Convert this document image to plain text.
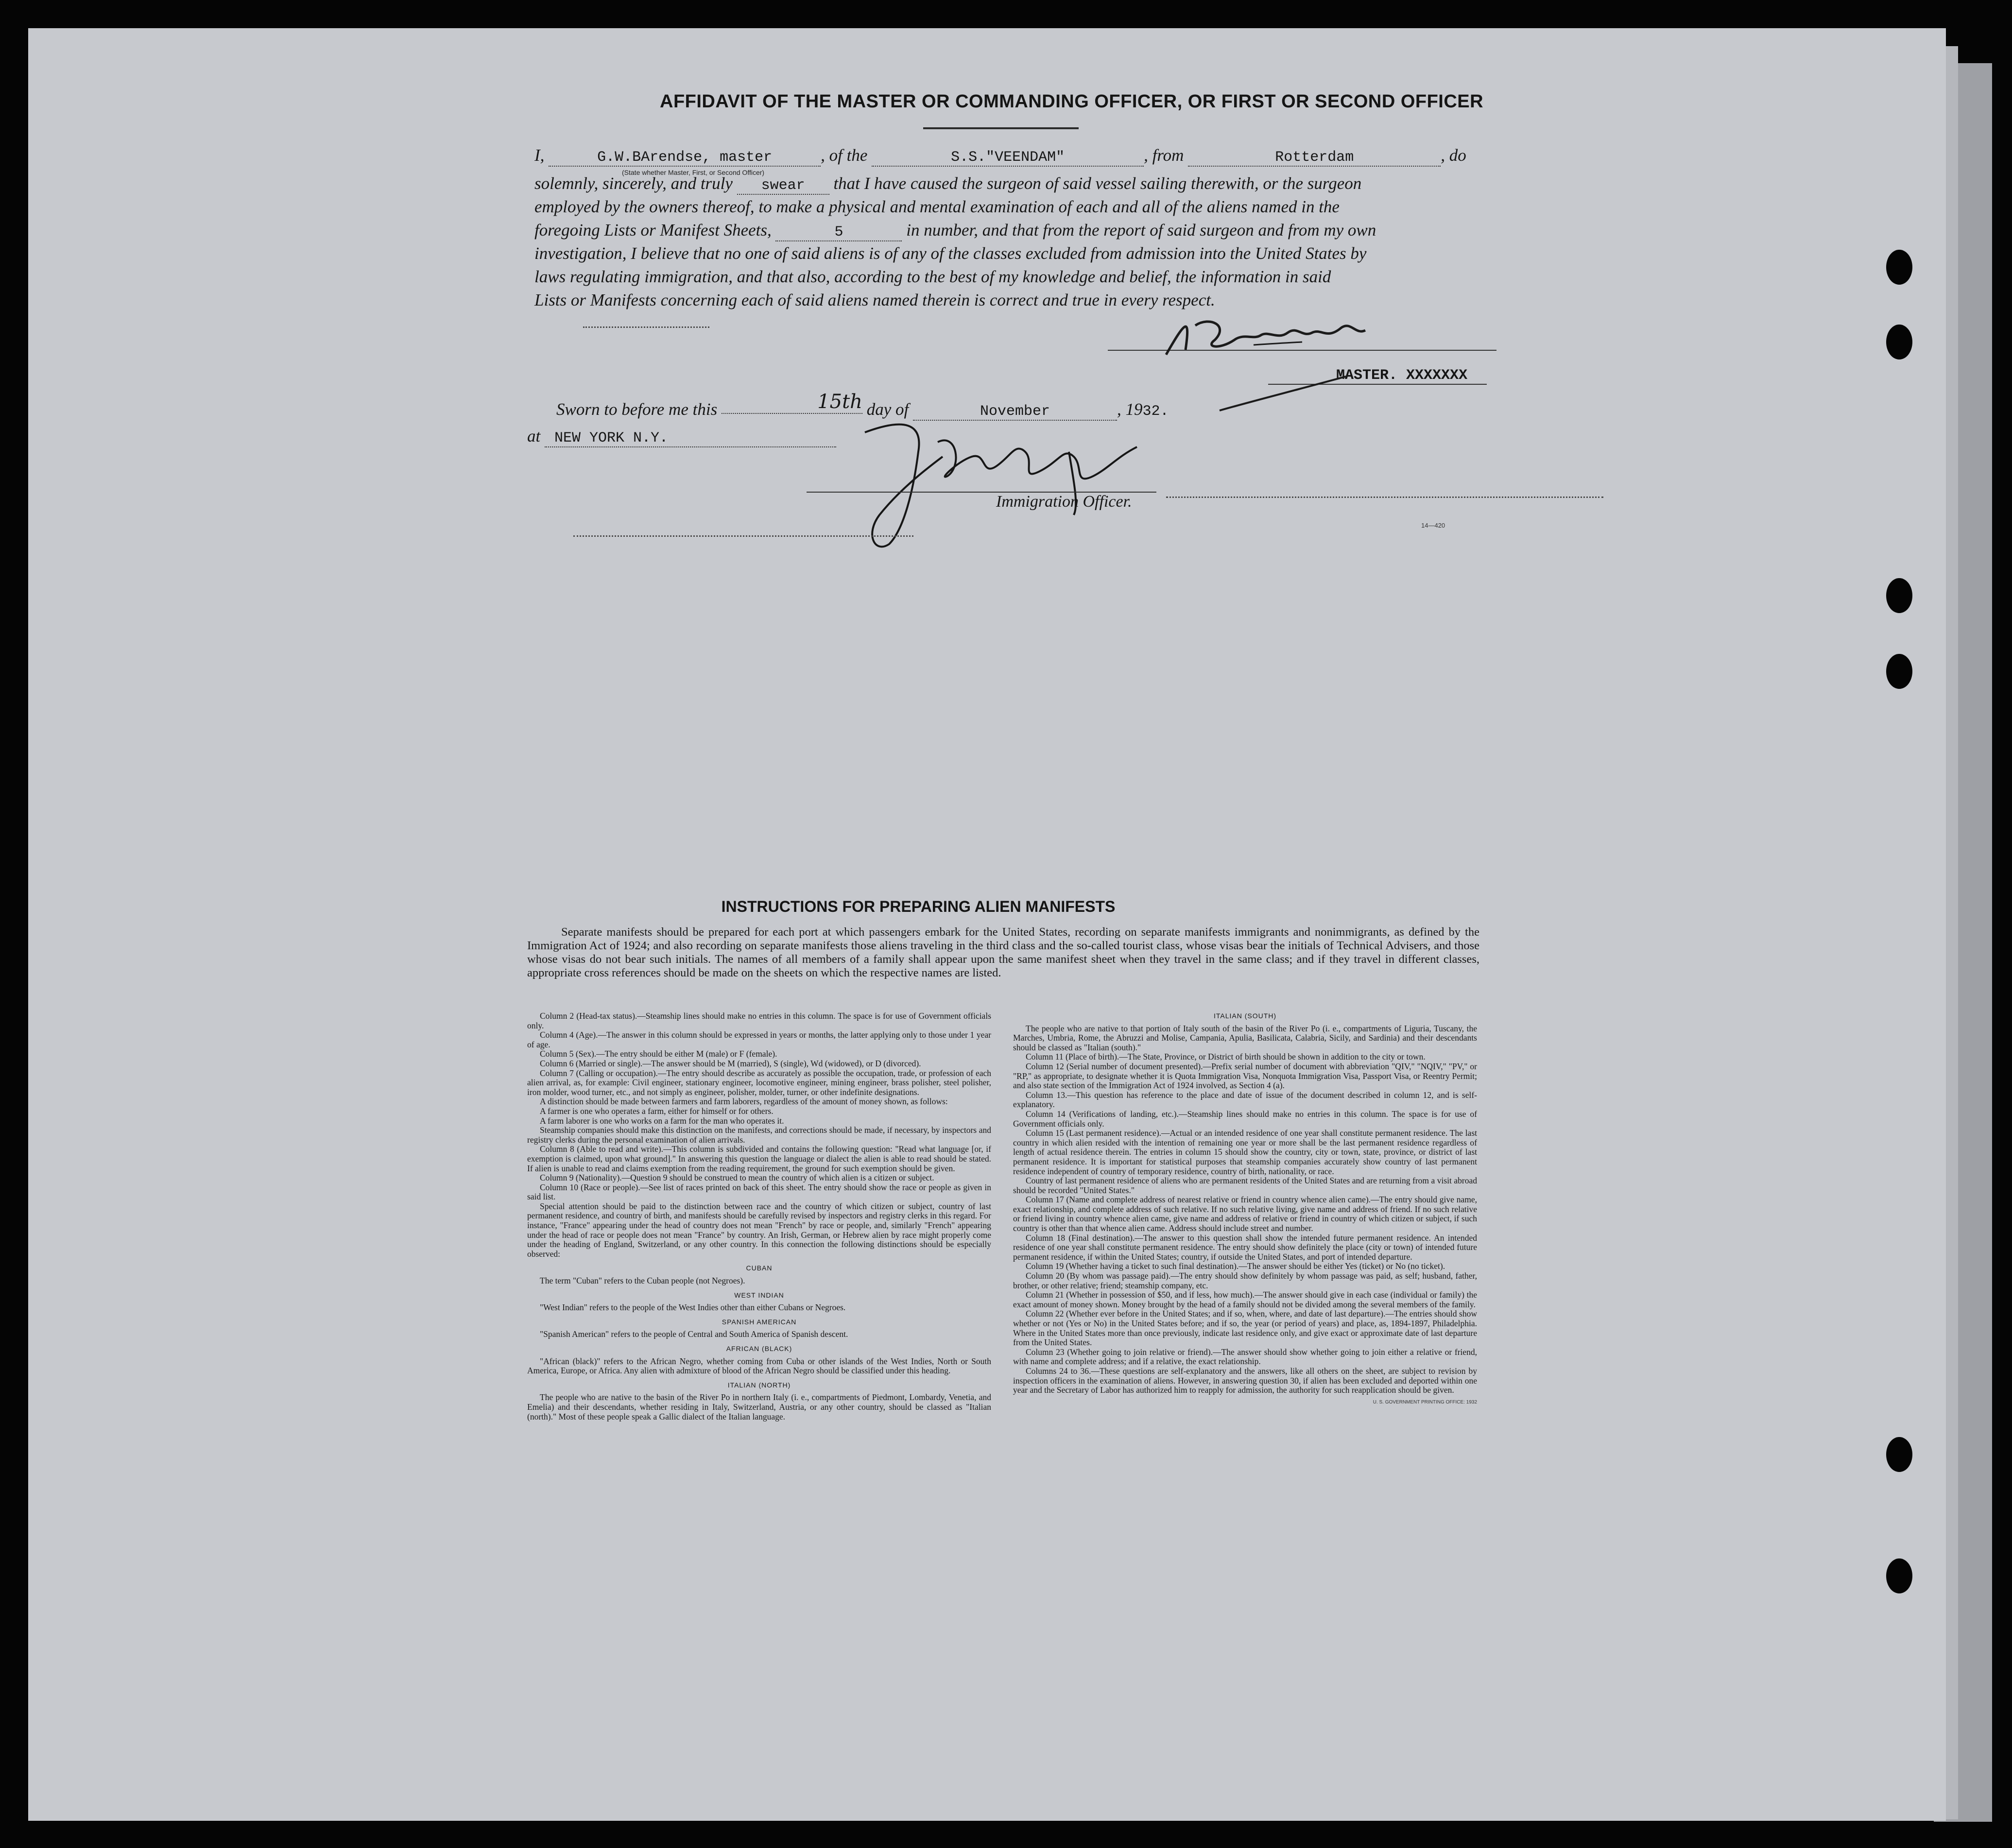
AFFIDAVIT OF THE MASTER OR COMMANDING OFFICER, OR FIRST OR SECOND OFFICER
I,	G.W.BArendse, master	, of the	S.S."VEENDAM"	, from	Rotterdam	, do
(State whether Master, First, or Second Officer)
solemnly, sincerely, and truly swear that I have caused the surgeon of said vessel sailing therewith, or the surgeon
employed by the owners thereof, to make a physical and mental examination of each and all of the aliens named in the
foregoing Lists or Manifest Sheets,	5	in number, and that from the report of said surgeon and from my own
investigation, I believe that no one of said aliens is of any of the classes excluded from admission into the United States by
laws regulating immigration, and that also, according to the best of my knowledge and belief, the information in said
Lists or Manifests concerning each of said aliens named therein is correct and true in every respect.
MASTER. XXXXXXX
Sworn to before me this	15th day of	November	, 1932.
at NEW YORK N.Y.
Immigration Officer.
14—420
INSTRUCTIONS FOR PREPARING ALIEN MANIFESTS
Separate manifests should be prepared for each port at which passengers embark for the United States, recording on separate manifests immigrants and nonimmigrants, as defined by the Immigration Act of 1924; and also recording on separate manifests those aliens traveling in the third class and the so-called tourist class, whose visas bear the initials of Technical Advisers, and those whose visas do not bear such initials. The names of all members of a family shall appear upon the same manifest sheet when they travel in the same class; and if they travel in different classes, appropriate cross references should be made on the sheets on which the respective names are listed.

Column 2 (Head-tax status).—Steamship lines should make no entries in this column. The space is for use of Government officials only.

Column 4 (Age).—The answer in this column should be expressed in years or months, the latter applying only to those under 1 year of age.

Column 5 (Sex).—The entry should be either M (male) or F (female).

Column 6 (Married or single).—The answer should be M (married), S (single), Wd (widowed), or D (divorced).

Column 7 (Calling or occupation).—The entry should describe as accurately as possible the occupation, trade, or profession of each alien arrival, as, for example: Civil engineer, stationary engineer, locomotive engineer, mining engineer, brass polisher, steel polisher, iron molder, wood turner, etc., and not simply as engineer, polisher, molder, turner, or other indefinite designations.

A distinction should be made between farmers and farm laborers, regardless of the amount of money shown, as follows:

A farmer is one who operates a farm, either for himself or for others.

A farm laborer is one who works on a farm for the man who operates it.

Steamship companies should make this distinction on the manifests, and corrections should be made, if necessary, by inspectors and registry clerks during the personal examination of alien arrivals.

Column 8 (Able to read and write).—This column is subdivided and contains the following question: "Read what language [or, if exemption is claimed, upon what ground]." In answering this question the language or dialect the alien is able to read should be stated. If alien is unable to read and claims exemption from the reading requirement, the ground for such exemption should be given.

Column 9 (Nationality).—Question 9 should be construed to mean the country of which alien is a citizen or subject.

Column 10 (Race or people).—See list of races printed on back of this sheet. The entry should show the race or people as given in said list.

Special attention should be paid to the distinction between race and the country of which citizen or subject, country of last permanent residence, and country of birth, and manifests should be carefully revised by inspectors and registry clerks in this regard. For instance, "France" appearing under the head of country does not mean "French" by race or people, and, similarly "French" appearing under the head of race or people does not mean "France" by country. An Irish, German, or Hebrew alien by race might properly come under the heading of England, Switzerland, or any other country. In this connection the following distinctions should be especially observed:

CUBAN

The term "Cuban" refers to the Cuban people (not Negroes).

WEST INDIAN

"West Indian" refers to the people of the West Indies other than either Cubans or Negroes.

SPANISH AMERICAN

"Spanish American" refers to the people of Central and South America of Spanish descent.

AFRICAN (BLACK)

"African (black)" refers to the African Negro, whether coming from Cuba or other islands of the West Indies, North or South America, Europe, or Africa. Any alien with admixture of blood of the African Negro should be classified under this heading.

ITALIAN (NORTH)

The people who are native to the basin of the River Po in northern Italy (i. e., compartments of Piedmont, Lombardy, Venetia, and Emelia) and their descendants, whether residing in Italy, Switzerland, Austria, or any other country, should be classed as "Italian (north)." Most of these people speak a Gallic dialect of the Italian language.

ITALIAN (SOUTH)

The people who are native to that portion of Italy south of the basin of the River Po (i. e., compartments of Liguria, Tuscany, the Marches, Umbria, Rome, the Abruzzi and Molise, Campania, Apulia, Basilicata, Calabria, Sicily, and Sardinia) and their descendants should be classed as "Italian (south)."

Column 11 (Place of birth).—The State, Province, or District of birth should be shown in addition to the city or town.

Column 12 (Serial number of document presented).—Prefix serial number of document with abbreviation "QIV," "NQIV," "PV," or "RP," as appropriate, to designate whether it is Quota Immigration Visa, Nonquota Immigration Visa, Passport Visa, or Reentry Permit; and also state section of the Immigration Act of 1924 involved, as Section 4 (a).

Column 13.—This question has reference to the place and date of issue of the document described in column 12, and is self-explanatory.

Column 14 (Verifications of landing, etc.).—Steamship lines should make no entries in this column. The space is for use of Government officials only.

Column 15 (Last permanent residence).—Actual or an intended residence of one year shall constitute permanent residence. The last country in which alien resided with the intention of remaining one year or more shall be the last permanent residence regardless of length of actual residence therein. The entries in column 15 should show the country, city or town, state, province, or district of last permanent residence. It is important for statistical purposes that steamship companies accurately show country of last permanent residence independent of country of temporary residence, country of birth, nationality, or race.

Country of last permanent residence of aliens who are permanent residents of the United States and are returning from a visit abroad should be recorded "United States."

Column 17 (Name and complete address of nearest relative or friend in country whence alien came).—The entry should give name, exact relationship, and complete address of such relative. If no such relative living, give name and address of friend. If no such relative or friend living in country whence alien came, give name and address of relative or friend in country of which citizen or subject, if such country is other than that whence alien came. Address should include street and number.

Column 18 (Final destination).—The answer to this question shall show the intended future permanent residence. An intended residence of one year shall constitute permanent residence. The entry should show definitely the place (city or town) of intended future permanent residence, if within the United States; country, if outside the United States, and port of intended departure.

Column 19 (Whether having a ticket to such final destination).—The answer should be either Yes (ticket) or No (no ticket).

Column 20 (By whom was passage paid).—The entry should show definitely by whom passage was paid, as self; husband, father, brother, or other relative; friend; steamship company, etc.

Column 21 (Whether in possession of $50, and if less, how much).—The answer should give in each case (individual or family) the exact amount of money shown. Money brought by the head of a family should not be divided among the several members of the family.

Column 22 (Whether ever before in the United States; and if so, when, where, and date of last departure).—The entries should show whether or not (Yes or No) in the United States before; and if so, the year (or period of years) and place, as, 1894-1897, Philadelphia. Where in the United States more than once previously, indicate last residence only, and give exact or approximate date of last departure from the United States.

Column 23 (Whether going to join relative or friend).—The answer should show whether going to join either a relative or friend, with name and complete address; and if a relative, the exact relationship.

Columns 24 to 36.—These questions are self-explanatory and the answers, like all others on the sheet, are subject to revision by inspection officers in the examination of aliens. However, in answering question 30, if alien has been excluded and deported within one year and the Secretary of Labor has authorized him to reapply for admission, the authority for such reapplication should be given.

U. S. GOVERNMENT PRINTING OFFICE: 1932
